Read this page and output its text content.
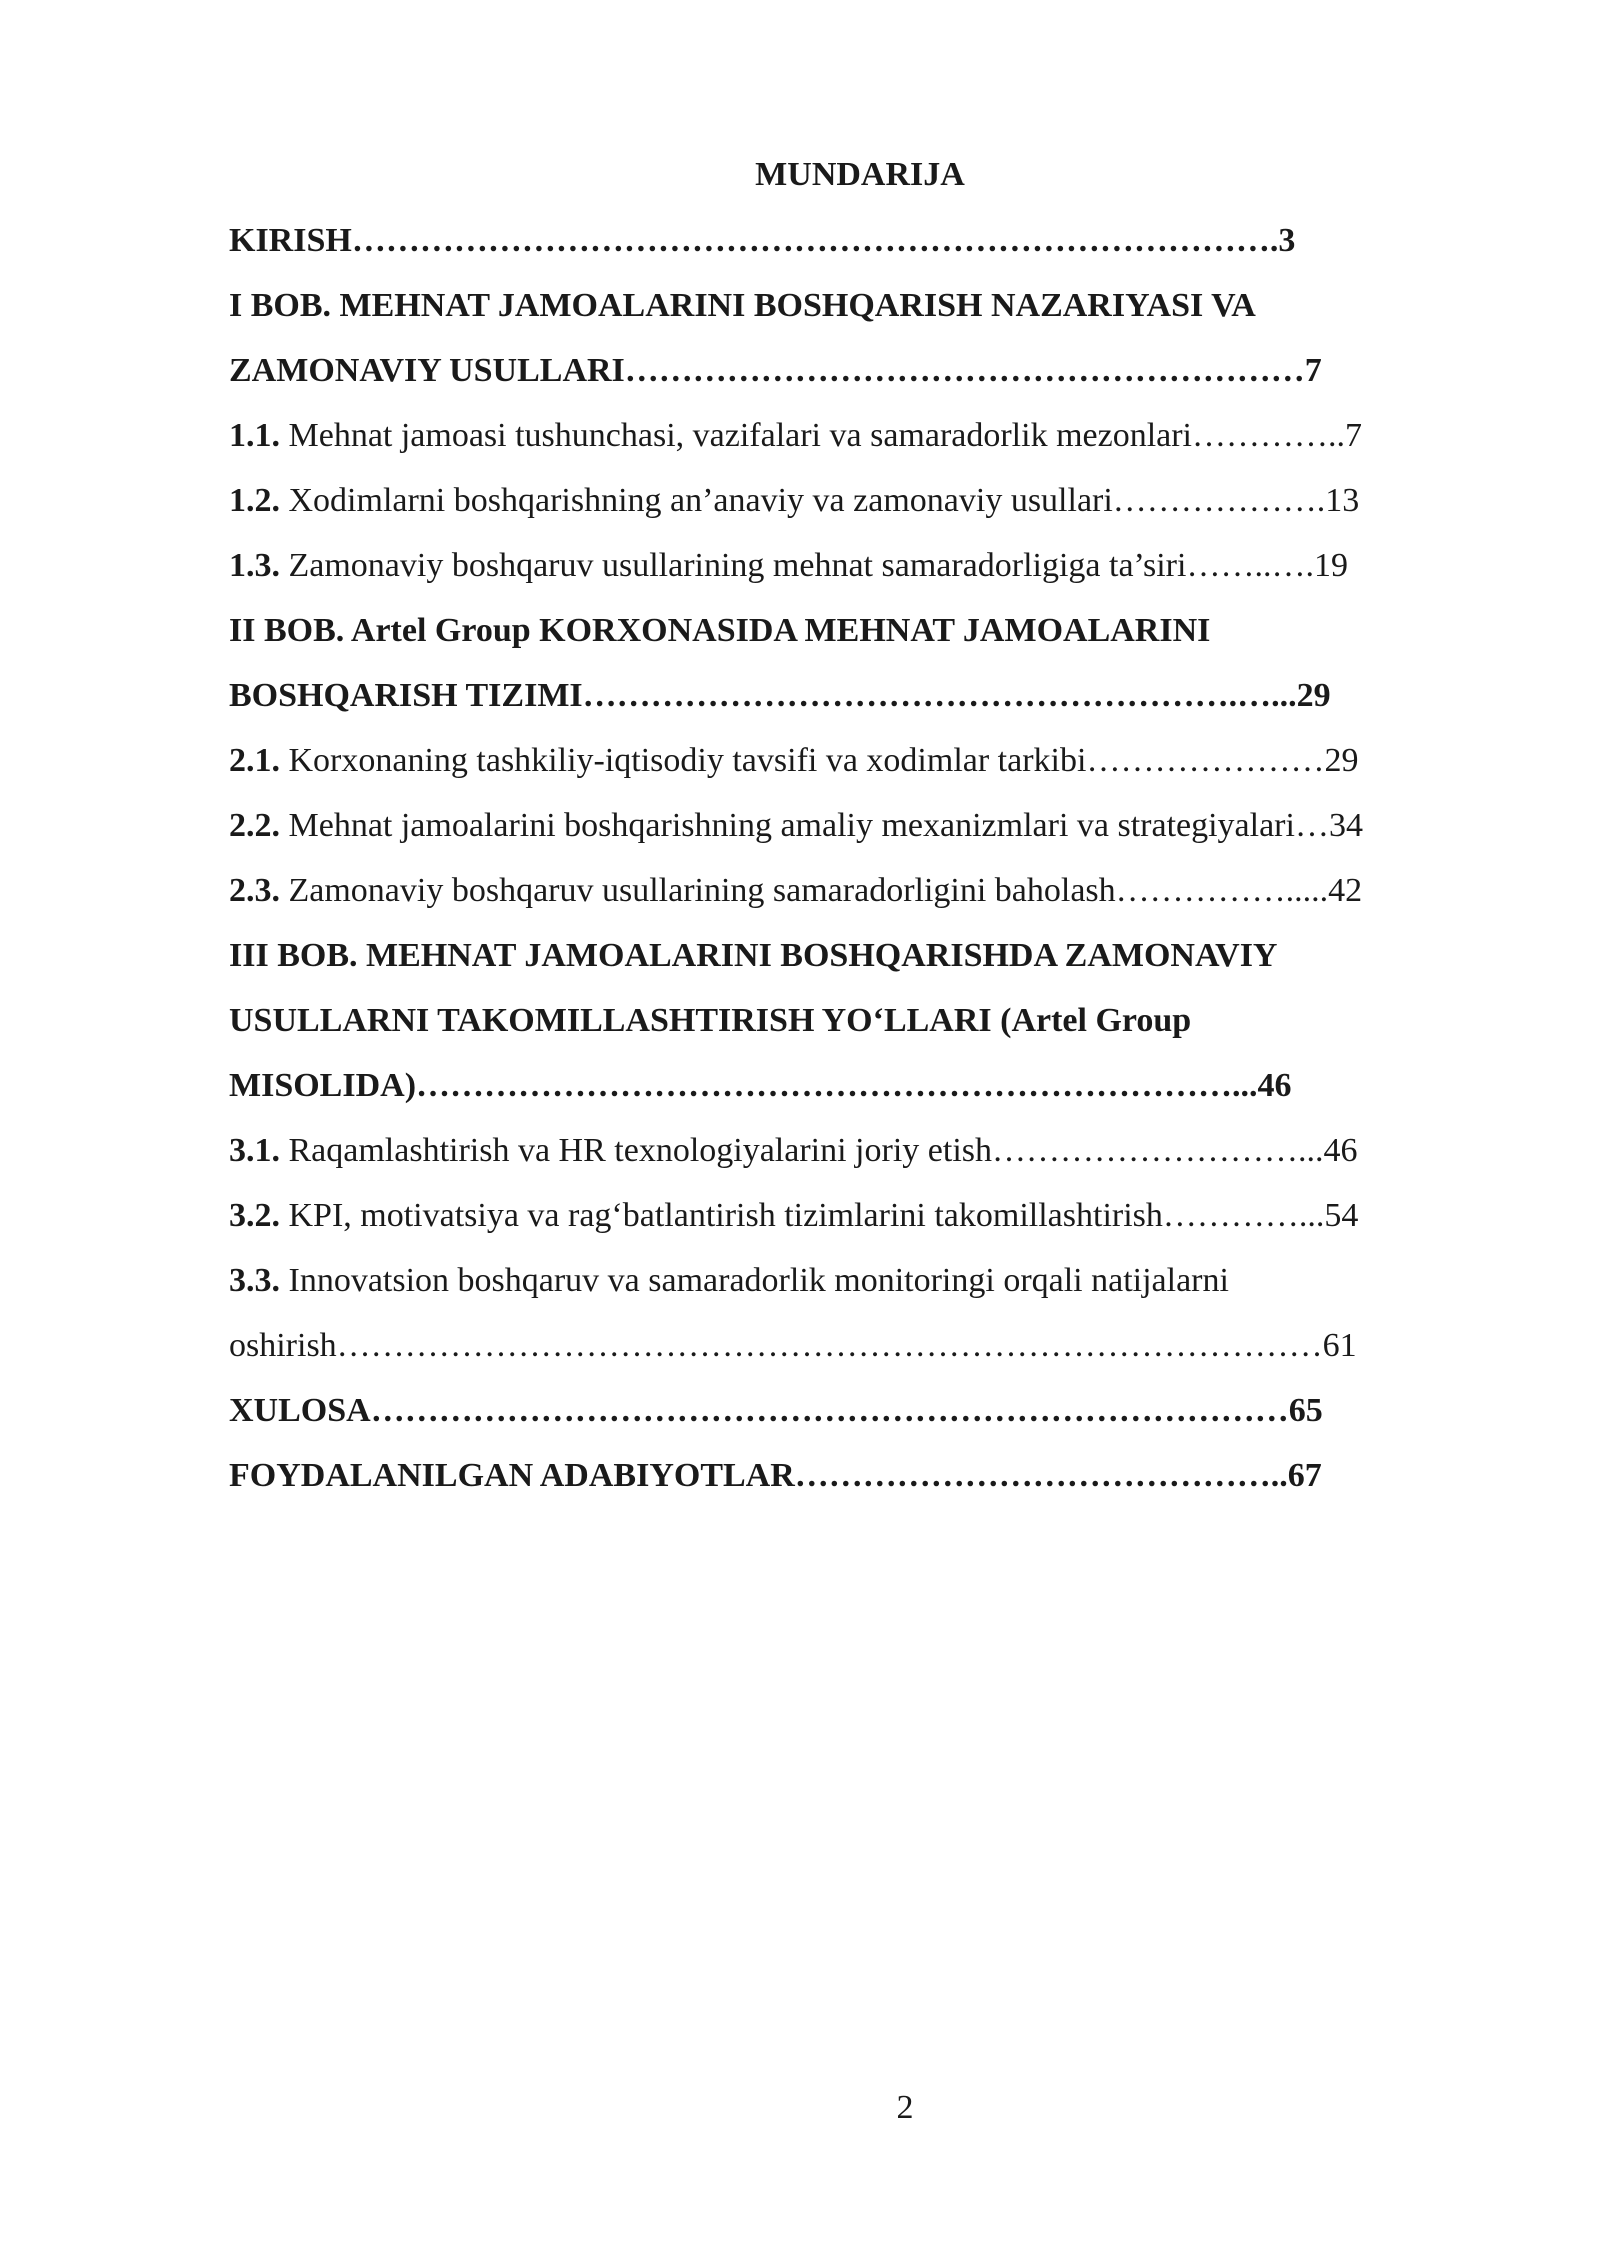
MUNDARIJA
KIRISH……………………………………………………………………….3
I BOB. MEHNAT JAMOALARINI BOSHQARISH NAZARIYASI VA
ZAMONAVIY USULLARI……………………………………………………7
1.1. Mehnat jamoasi tushunchasi, vazifalari va samaradorlik mezonlari…………..7
1.2. Xodimlarni boshqarishning an’anaviy va zamonaviy usullari……………….13
1.3. Zamonaviy boshqaruv usullarining mehnat samaradorligiga ta’siri……..….19
II BOB. Artel Group KORXONASIDA MEHNAT JAMOALARINI
BOSHQARISH TIZIMI………………………………………………….…...29
2.1. Korxonaning tashkiliy-iqtisodiy tavsifi va xodimlar tarkibi…………………29
2.2. Mehnat jamoalarini boshqarishning amaliy mexanizmlari va strategiyalari…34
2.3. Zamonaviy boshqaruv usullarining samaradorligini baholash…………….....42
III BOB. MEHNAT JAMOALARINI BOSHQARISHDA ZAMONAVIY
USULLARNI TAKOMILLASHTIRISH YO‘LLARI (Artel Group
MISOLIDA)………………………………………………………………...46
3.1. Raqamlashtirish va HR texnologiyalarini joriy etish………………………...46
3.2. KPI, motivatsiya va rag‘batlantirish tizimlarini takomillashtirish…………...54
3.3. Innovatsion boshqaruv va samaradorlik monitoringi orqali natijalarni
oshirish……………………………………………………………………………61
XULOSA………………………………………………………………………65
FOYDALANILGAN ADABIYOTLAR……………………………………..67
2
